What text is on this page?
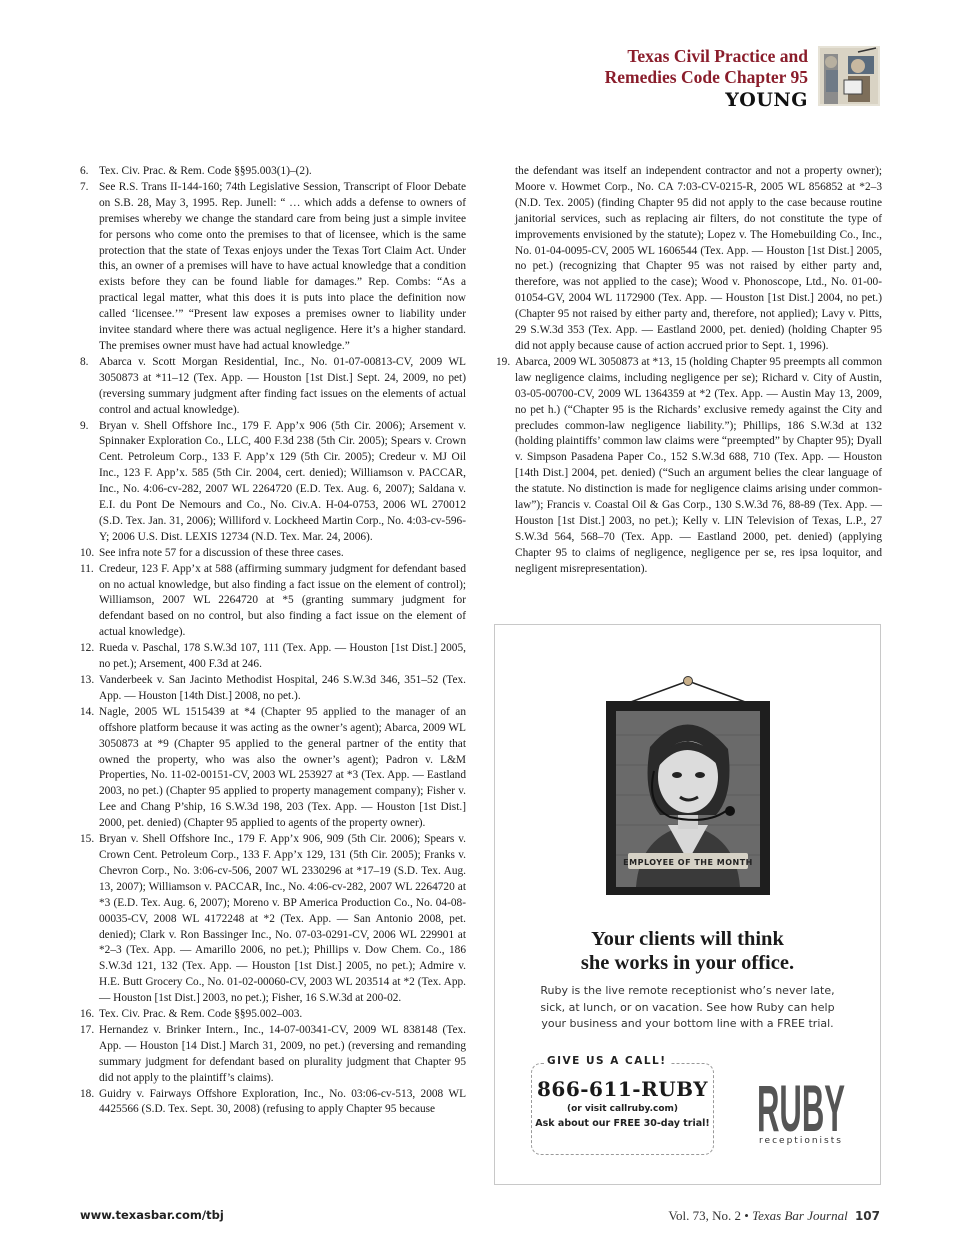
Texas Civil Practice and
Remedies Code Chapter 95
YOUNG
6. Tex. Civ. Prac. & Rem. Code §§95.003(1)–(2).
7. See R.S. Trans II-144-160; 74th Legislative Session, Transcript of Floor Debate on S.B. 28, May 3, 1995. Rep. Junell: “ … which adds a defense to owners of premises whereby we change the standard care from being just a simple invitee for persons who come onto the premises to that of licensee, which is the same protection that the state of Texas enjoys under the Texas Tort Claim Act. Under this, an owner of a premises will have to have actual knowledge that a condition exists before they can be found liable for damages.” Rep. Combs: “As a practical legal matter, what this does it is puts into place the definition now called ‘licensee.’” “Present law exposes a premises owner to liability under invitee standard where there was actual negligence. Here it’s a higher standard. The premises owner must have had actual knowledge.”
8. Abarca v. Scott Morgan Residential, Inc., No. 01-07-00813-CV, 2009 WL 3050873 at *11–12 (Tex. App. — Houston [1st Dist.] Sept. 24, 2009, no pet) (reversing summary judgment after finding fact issues on the elements of actual control and actual knowledge).
9. Bryan v. Shell Offshore Inc., 179 F. App’x 906 (5th Cir. 2006); Arsement v. Spinnaker Exploration Co., LLC, 400 F.3d 238 (5th Cir. 2005); Spears v. Crown Cent. Petroleum Corp., 133 F. App’x 129 (5th Cir. 2005); Credeur v. MJ Oil Inc., 123 F. App’x. 585 (5th Cir. 2004, cert. denied); Williamson v. PACCAR, Inc., No. 4:06-cv-282, 2007 WL 2264720 (E.D. Tex. Aug. 6, 2007); Saldana v. E.I. du Pont De Nemours and Co., No. Civ.A. H-04-0753, 2006 WL 270012 (S.D. Tex. Jan. 31, 2006); Williford v. Lockheed Martin Corp., No. 4:03-cv-596-Y; 2006 U.S. Dist. LEXIS 12734 (N.D. Tex. Mar. 24, 2006).
10. See infra note 57 for a discussion of these three cases.
11. Credeur, 123 F. App’x at 588 (affirming summary judgment for defendant based on no actual knowledge, but also finding a fact issue on the element of control); Williamson, 2007 WL 2264720 at *5 (granting summary judgment for defendant based on no control, but also finding a fact issue on the element of actual knowledge).
12. Rueda v. Paschal, 178 S.W.3d 107, 111 (Tex. App. — Houston [1st Dist.] 2005, no pet.); Arsement, 400 F.3d at 246.
13. Vanderbeek v. San Jacinto Methodist Hospital, 246 S.W.3d 346, 351–52 (Tex. App. — Houston [14th Dist.] 2008, no pet.).
14. Nagle, 2005 WL 1515439 at *4 (Chapter 95 applied to the manager of an offshore platform because it was acting as the owner’s agent); Abarca, 2009 WL 3050873 at *9 (Chapter 95 applied to the general partner of the entity that owned the property, who was also the owner’s agent); Padron v. L&M Properties, No. 11-02-00151-CV, 2003 WL 253927 at *3 (Tex. App. — Eastland 2003, no pet.) (Chapter 95 applied to property management company); Fisher v. Lee and Chang P’ship, 16 S.W.3d 198, 203 (Tex. App. — Houston [1st Dist.] 2000, pet. denied) (Chapter 95 applied to agents of the property owner).
15. Bryan v. Shell Offshore Inc., 179 F. App’x 906, 909 (5th Cir. 2006); Spears v. Crown Cent. Petroleum Corp., 133 F. App’x 129, 131 (5th Cir. 2005); Franks v. Chevron Corp., No. 3:06-cv-506, 2007 WL 2330296 at *17–19 (S.D. Tex. Aug. 13, 2007); Williamson v. PACCAR, Inc., No. 4:06-cv-282, 2007 WL 2264720 at *3 (E.D. Tex. Aug. 6, 2007); Moreno v. BP America Production Co., No. 04-08-00035-CV, 2008 WL 4172248 at *2 (Tex. App. — San Antonio 2008, pet. denied); Clark v. Ron Bassinger Inc., No. 07-03-0291-CV, 2006 WL 229901 at *2–3 (Tex. App. — Amarillo 2006, no pet.); Phillips v. Dow Chem. Co., 186 S.W.3d 121, 132 (Tex. App. — Houston [1st Dist.] 2005, no pet.); Admire v. H.E. Butt Grocery Co., No. 01-02-00060-CV, 2003 WL 203514 at *2 (Tex. App. — Houston [1st Dist.] 2003, no pet.); Fisher, 16 S.W.3d at 200-02.
16. Tex. Civ. Prac. & Rem. Code §§95.002–003.
17. Hernandez v. Brinker Intern., Inc., 14-07-00341-CV, 2009 WL 838148 (Tex. App. — Houston [14 Dist.] March 31, 2009, no pet.) (reversing and remanding summary judgment for defendant based on plurality judgment that Chapter 95 did not apply to the plaintiff’s claims).
18. Guidry v. Fairways Offshore Exploration, Inc., No. 03:06-cv-513, 2008 WL 4425566 (S.D. Tex. Sept. 30, 2008) (refusing to apply Chapter 95 because
the defendant was itself an independent contractor and not a property owner); Moore v. Howmet Corp., No. CA 7:03-CV-0215-R, 2005 WL 856852 at *2–3 (N.D. Tex. 2005) (finding Chapter 95 did not apply to the case because routine janitorial services, such as replacing air filters, do not constitute the type of improvements envisioned by the statute); Lopez v. The Homebuilding Co., Inc., No. 01-04-0095-CV, 2005 WL 1606544 (Tex. App. — Houston [1st Dist.] 2005, no pet.) (recognizing that Chapter 95 was not raised by either party and, therefore, was not applied to the case); Wood v. Phonoscope, Ltd., No. 01-00-01054-GV, 2004 WL 1172900 (Tex. App. — Houston [1st Dist.] 2004, no pet.) (Chapter 95 not raised by either party and, therefore, not applied); Lavy v. Pitts, 29 S.W.3d 353 (Tex. App. — Eastland 2000, pet. denied) (holding Chapter 95 did not apply because cause of action accrued prior to Sept. 1, 1996).
19. Abarca, 2009 WL 3050873 at *13, 15 (holding Chapter 95 preempts all common law negligence claims, including negligence per se); Richard v. City of Austin, 03-05-00700-CV, 2009 WL 1364359 at *2 (Tex. App. — Austin May 13, 2009, no pet h.) (“Chapter 95 is the Richards’ exclusive remedy against the City and precludes common-law negligence liability.”); Phillips, 186 S.W.3d at 132 (holding plaintiffs’ common law claims were “preempted” by Chapter 95); Dyall v. Simpson Pasadena Paper Co., 152 S.W.3d 688, 710 (Tex. App. — Houston [14th Dist.] 2004, pet. denied) (“Such an argument belies the clear language of the statute. No distinction is made for negligence claims arising under common-law”); Francis v. Coastal Oil & Gas Corp., 130 S.W.3d 76, 88-89 (Tex. App. — Houston [1st Dist.] 2003, no pet.); Kelly v. LIN Television of Texas, L.P., 27 S.W.3d 564, 568–70 (Tex. App. — Eastland 2000, pet. denied) (applying Chapter 95 to claims of negligence, negligence per se, res ipsa loquitor, and negligent misrepresentation).
EMPLOYEE OF THE MONTH
Your clients will think
she works in your office.
Ruby is the live remote receptionist who’s never late, sick, at lunch, or on vacation. See how Ruby can help your business and your bottom line with a FREE trial.
GIVE US A CALL!
866-611-RUBY
(or visit callruby.com)
Ask about our FREE 30-day trial! RUBY
receptionists
www.texasbar.com/tbj	Vol. 73, No. 2 • Texas Bar Journal 107
